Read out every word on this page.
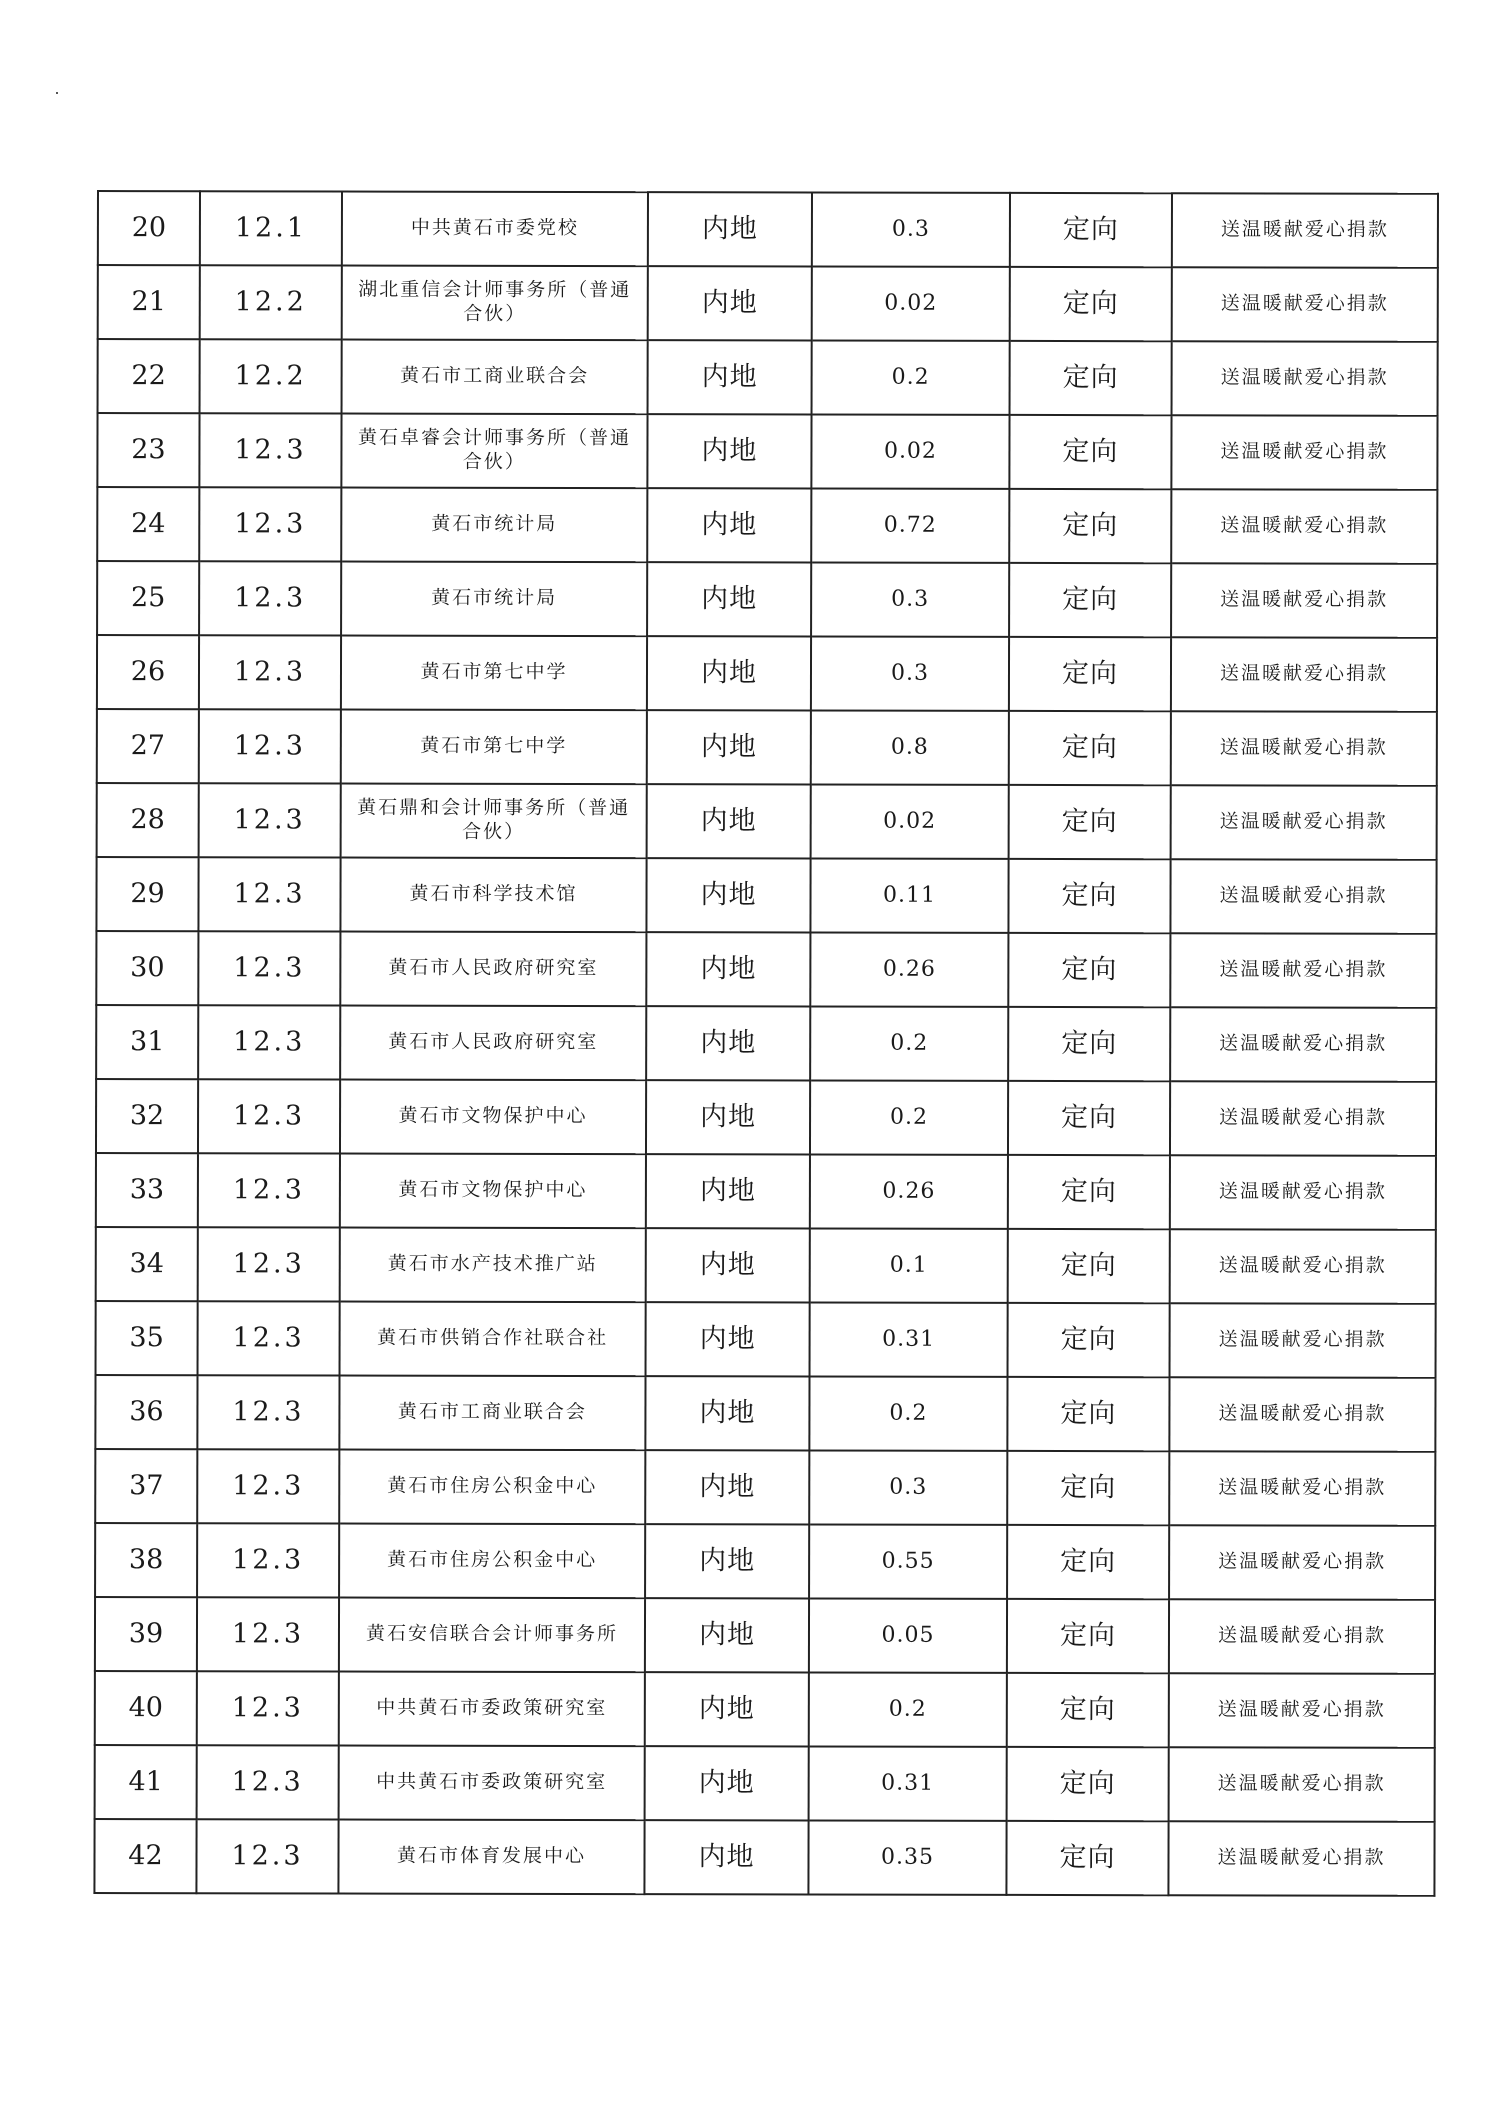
20	12.1	中共黄石市委党校	内地	0.3	定向	送温暖献爱心捐款
21	12.2	湖北重信会计师事务所（普通合伙）	内地	0.02	定向	送温暖献爱心捐款
22	12.2	黄石市工商业联合会	内地	0.2	定向	送温暖献爱心捐款
23	12.3	黄石卓睿会计师事务所（普通合伙）	内地	0.02	定向	送温暖献爱心捐款
24	12.3	黄石市统计局	内地	0.72	定向	送温暖献爱心捐款
25	12.3	黄石市统计局	内地	0.3	定向	送温暖献爱心捐款
26	12.3	黄石市第七中学	内地	0.3	定向	送温暖献爱心捐款
27	12.3	黄石市第七中学	内地	0.8	定向	送温暖献爱心捐款
28	12.3	黄石鼎和会计师事务所（普通合伙）	内地	0.02	定向	送温暖献爱心捐款
29	12.3	黄石市科学技术馆	内地	0.11	定向	送温暖献爱心捐款
30	12.3	黄石市人民政府研究室	内地	0.26	定向	送温暖献爱心捐款
31	12.3	黄石市人民政府研究室	内地	0.2	定向	送温暖献爱心捐款
32	12.3	黄石市文物保护中心	内地	0.2	定向	送温暖献爱心捐款
33	12.3	黄石市文物保护中心	内地	0.26	定向	送温暖献爱心捐款
34	12.3	黄石市水产技术推广站	内地	0.1	定向	送温暖献爱心捐款
35	12.3	黄石市供销合作社联合社	内地	0.31	定向	送温暖献爱心捐款
36	12.3	黄石市工商业联合会	内地	0.2	定向	送温暖献爱心捐款
37	12.3	黄石市住房公积金中心	内地	0.3	定向	送温暖献爱心捐款
38	12.3	黄石市住房公积金中心	内地	0.55	定向	送温暖献爱心捐款
39	12.3	黄石安信联合会计师事务所	内地	0.05	定向	送温暖献爱心捐款
40	12.3	中共黄石市委政策研究室	内地	0.2	定向	送温暖献爱心捐款
41	12.3	中共黄石市委政策研究室	内地	0.31	定向	送温暖献爱心捐款
42	12.3	黄石市体育发展中心	内地	0.35	定向	送温暖献爱心捐款
